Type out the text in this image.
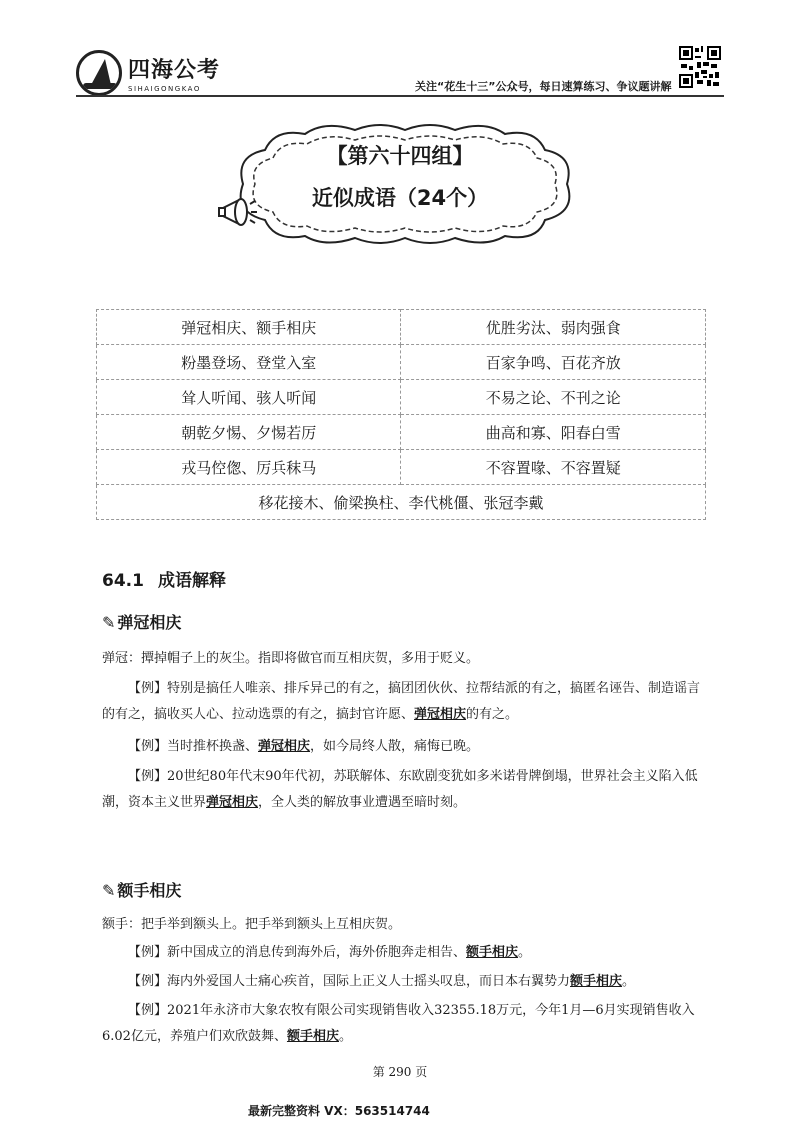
四海公考
SIHAIGONGKAO	关注“花生十三”公众号，每日速算练习、争议题讲解
【第六十四组】
近似成语（24个）
弹冠相庆、额手相庆	优胜劣汰、弱肉强食
粉墨登场、登堂入室	百家争鸣、百花齐放
耸人听闻、骇人听闻	不易之论、不刊之论
朝乾夕惕、夕惕若厉	曲高和寡、阳春白雪
戎马倥偬、厉兵秣马	不容置喙、不容置疑
移花接木、偷梁换柱、李代桃僵、张冠李戴	
64.1 成语解释
✎ 弹冠相庆
弹冠：撢掉帽子上的灰尘。指即将做官而互相庆贺，多用于贬义。
【例】特别是搞任人唯亲、排斥异己的有之，搞团团伙伙、拉帮结派的有之，搞匿名诬告、制造谣言的有之，搞收买人心、拉动选票的有之，搞封官许愿、弹冠相庆的有之。
【例】当时推杯换盏、弹冠相庆，如今局终人散，痛悔已晚。
【例】20世纪80年代末90年代初，苏联解体、东欧剧变犹如多米诺骨牌倒塌，世界社会主义陷入低潮，资本主义世界弹冠相庆，全人类的解放事业遭遇至暗时刻。
✎ 额手相庆
额手：把手举到额头上。把手举到额头上互相庆贺。
【例】新中国成立的消息传到海外后，海外侨胞奔走相告、额手相庆。
【例】海内外爱国人士痛心疾首，国际上正义人士摇头叹息，而日本右翼势力额手相庆。
【例】2021年永济市大象农牧有限公司实现销售收入32355.18万元，今年1月—6月实现销售收入6.02亿元，养殖户们欢欣鼓舞、额手相庆。
第 290 页
最新完整资料 VX：563514744
